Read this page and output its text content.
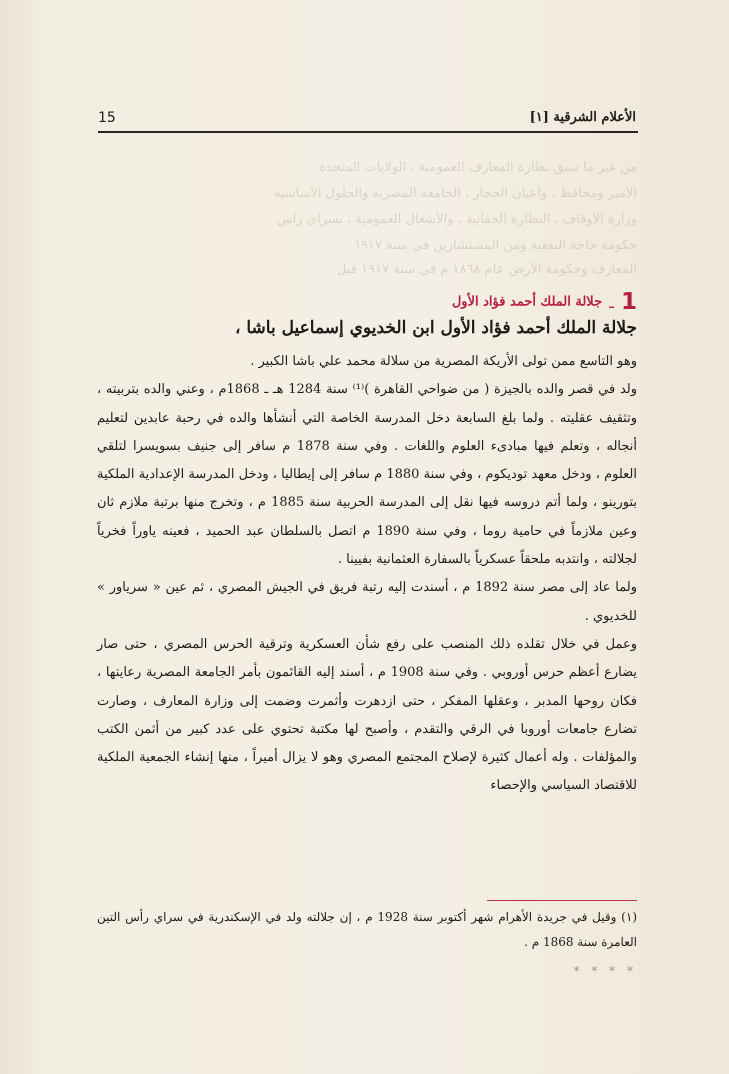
من غير ما سبق نظارة المعارف العمومية ، الولايات المتحدة
الأمير ومحافظ ، وأعيان الحجاز ، الجامعة المصرية والحلول الأساسية
وزارة الأوقاف ، النظارة الحقانية ، والأشغال العمومية ، بسراي رأس
حكومة حاجة النفعية ومن المستشارين في سنة ١٩١٧
المعارف وحكومة الأرض عام ١٨٦٨ م في سنة ١٩١٧ قبل
الأعلام الشرقية [١]
15
1 ـ جلالة الملك أحمد فؤاد الأول
جلالة الملك أحمد فؤاد الأول ابن الخديوي إسماعيل باشا ،

وهو التاسع ممن تولى الأريكة المصرية من سلالة محمد علي باشا الكبير .

ولد في قصر والده بالجيزة ( من ضواحي القاهرة )⁽¹⁾ سنة 1284 هـ ـ 1868م ، وعني والده بتربيته ، وتثقيف عقليته . ولما بلغ السابعة دخل المدرسة الخاصة التي أنشأها والده في رحبة عابدين لتعليم أنجاله ، وتعلم فيها مبادىء العلوم واللغات . وفي سنة 1878 م سافر إلى جنيف بسويسرا لتلقي العلوم ، ودخل معهد توديكوم ، وفي سنة 1880 م سافر إلى إيطاليا ، ودخل المدرسة الإعدادية الملكية بتورينو ، ولما أتم دروسه فيها نقل إلى المدرسة الحربية سنة 1885 م ، وتخرج منها برتبة ملازم ثان وعين ملازماً في حامية روما ، وفي سنة 1890 م اتصل بالسلطان عبد الحميد ، فعينه ياوراً فخرياً لجلالته ، وانتدبه ملحقاً عسكرياً بالسفارة العثمانية بفيينا .

ولما عاد إلى مصر سنة 1892 م ، أسندت إليه رتبة فريق في الجيش المصري ، ثم عين « سرياور » للخديوي .

وعمل في خلال تقلده ذلك المنصب على رفع شأن العسكرية وترقية الحرس المصري ، حتى صار يضارع أعظم حرس أوروبي . وفي سنة 1908 م ، أسند إليه القائمون بأمر الجامعة المصرية رعايتها ، فكان روحها المدبر ، وعقلها المفكر ، حتى ازدهرت وأثمرت وضمت إلى وزارة المعارف ، وصارت تضارع جامعات أوروبا في الرقي والتقدم ، وأصبح لها مكتبة تحتوي على عدد كبير من أثمن الكتب والمؤلفات . وله أعمال كثيرة لإصلاح المجتمع المصري وهو لا يزال أميراً ، منها إنشاء الجمعية الملكية للاقتصاد السياسي والإحصاء

(١) وقيل في جريدة الأهرام شهر أكتوبر سنة 1928 م ، إن جلالته ولد في الإسكندرية في سراي رأس التين العامرة سنة 1868 م .
* * * *
